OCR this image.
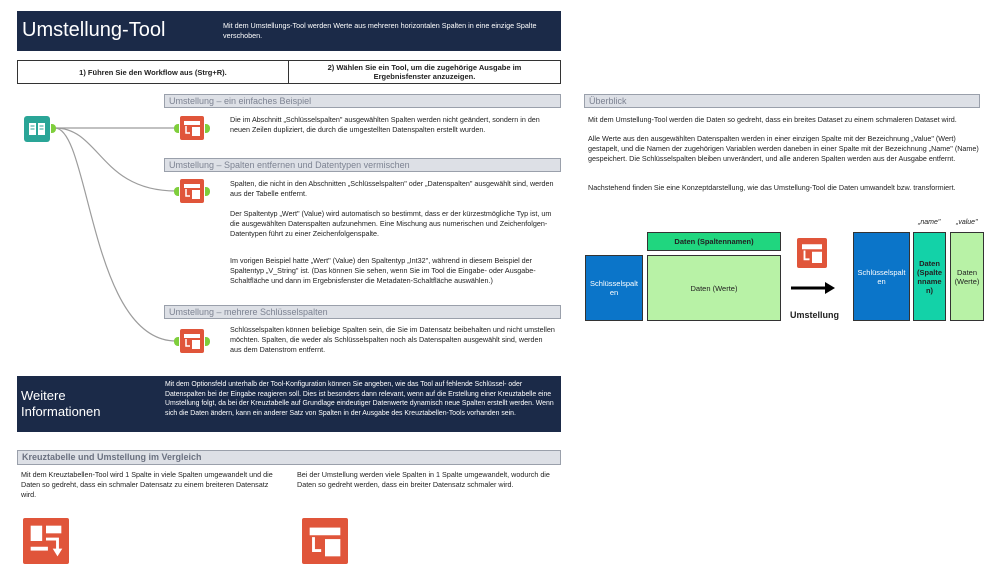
Umstellung-Tool	Mit dem Umstellungs-Tool werden Werte aus mehreren horizontalen Spalten in eine einzige Spalte verschoben.
1) Führen Sie den Workflow aus (Strg+R).	2) Wählen Sie ein Tool, um die zugehörige Ausgabe im Ergebnisfenster anzuzeigen.
Umstellung – ein einfaches Beispiel
Die im Abschnitt „Schlüsselspalten" ausgewählten Spalten werden nicht geändert, sondern in den neuen Zeilen dupliziert, die durch die umgestellten Datenspalten erstellt wurden.
Umstellung – Spalten entfernen und Datentypen vermischen
Spalten, die nicht in den Abschnitten „Schlüsselspalten" oder „Datenspalten" ausgewählt sind, werden aus der Tabelle entfernt.
Der Spaltentyp „Wert" (Value) wird automatisch so bestimmt, dass er der kürzestmögliche Typ ist, um die ausgewählten Datenspalten aufzunehmen. Eine Mischung aus numerischen und Zeichenfolgen-Datentypen führt zu einer Zeichenfolgenspalte.
Im vorigen Beispiel hatte „Wert" (Value) den Spaltentyp „Int32", während in diesem Beispiel der Spaltentyp „V_String" ist. (Das können Sie sehen, wenn Sie im Tool die Eingabe- oder Ausgabe-Schaltfläche und dann im Ergebnisfenster die Metadaten-Schaltfläche auswählen.)
Umstellung – mehrere Schlüsselspalten
Schlüsselspalten können beliebige Spalten sein, die Sie im Datensatz beibehalten und nicht umstellen möchten. Spalten, die weder als Schlüsselspalten noch als Datenspalten ausgewählt sind, werden aus dem Datenstrom entfernt.
Überblick
Mit dem Umstellung-Tool werden die Daten so gedreht, dass ein breites Dataset zu einem schmaleren Dataset wird.
Alle Werte aus den ausgewählten Datenspalten werden in einer einzigen Spalte mit der Bezeichnung „Value" (Wert) gestapelt, und die Namen der zugehörigen Variablen werden daneben in einer Spalte mit der Bezeichnung „Name" (Name) gespeichert. Die Schlüsselspalten bleiben unverändert, und alle anderen Spalten werden aus der Ausgabe entfernt.
Nachstehend finden Sie eine Konzeptdarstellung, wie das Umstellung-Tool die Daten umwandelt bzw. transformiert.
Schlüsselspalten
Daten (Spaltennamen)
Daten (Werte)
Umstellung
„name" „value"
Schlüsselspalten
Daten (Spaltennamen)
Daten (Werte)
Weitere Informationen
Mit dem Optionsfeld unterhalb der Tool-Konfiguration können Sie angeben, wie das Tool auf fehlende Schlüssel- oder Datenspalten bei der Eingabe reagieren soll. Dies ist besonders dann relevant, wenn auf die Erstellung einer Kreuztabelle eine Umstellung folgt, da bei der Kreuztabelle auf Grundlage eindeutiger Datenwerte dynamisch neue Spalten erstellt werden. Wenn sich die Daten ändern, kann ein anderer Satz von Spalten in der Ausgabe des Kreuztabellen-Tools vorhanden sein.
Kreuztabelle und Umstellung im Vergleich
Mit dem Kreuztabellen-Tool wird 1 Spalte in viele Spalten umgewandelt und die Daten so gedreht, dass ein schmaler Datensatz zu einem breiteren Datensatz wird.
Bei der Umstellung werden viele Spalten in 1 Spalte umgewandelt, wodurch die Daten so gedreht werden, dass ein breiter Datensatz schmaler wird.
